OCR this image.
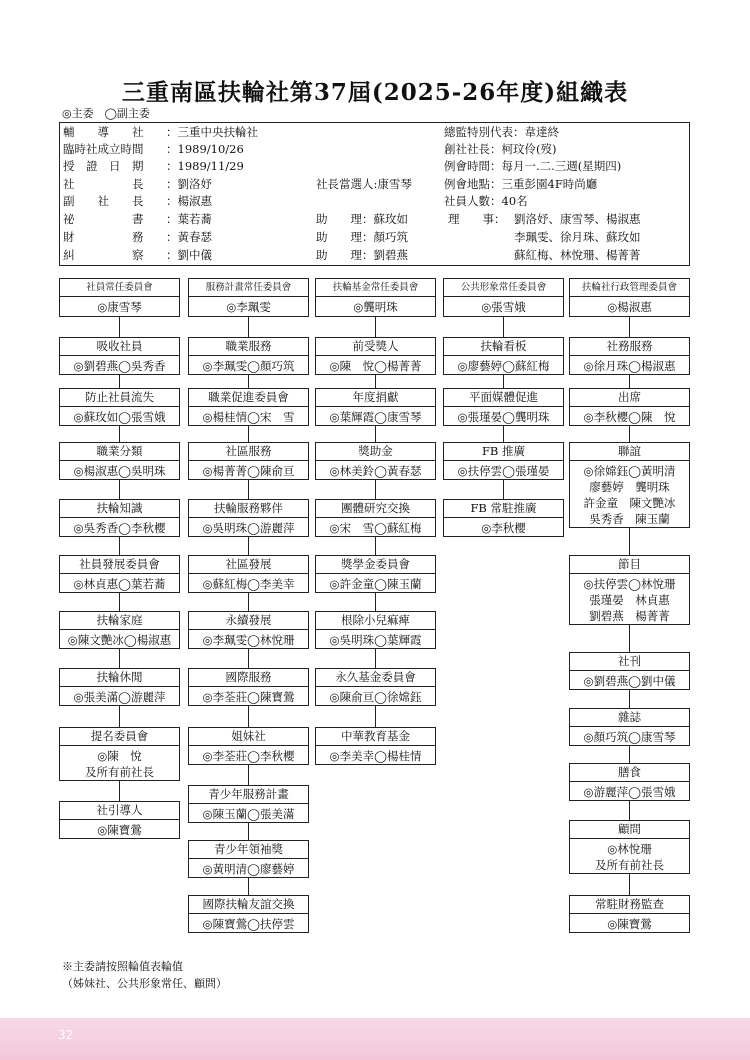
三重南區扶輪社第37屆(2025-26年度)組織表
◎主委　◯副主委
輔　　導　　社 ：三重中央扶輪社
臨時社成立時間 ：1989/10/26
授　證　日　期 ：1989/11/29
社　　　　　長 ：劉洛妤	社長當選人:康雪琴
副　　社　　長 ：楊淑惠
祕　　　　　書 ：葉若蕎	助　　理：蘇玫如
財　　　　　務 ：黃春瑟	助　　理：顏巧筑
糾　　　　　察 ：劉中儀	助　　理：劉碧燕
總監特別代表：韋達終
創社社長：柯玟伶(歿)
例會時間：每月一.二.三週(星期四)
例會地點：三重彭園4F時尚廳
社員人數：40名
理　　事： 劉洛妤、康雪琴、楊淑惠
李珮雯、徐月珠、蘇玫如
蘇紅梅、林悅珊、楊菁菁
社員常任委員會
◎康雪琴
吸收社員
◎劉碧燕◯吳秀香
防止社員流失
◎蘇玫如◯張雪娥
職業分類
◎楊淑惠◯吳明珠
扶輪知識
◎吳秀香◯李秋櫻
社員發展委員會
◎林貞惠◯葉若蕎
扶輪家庭
◎陳文艷冰◯楊淑惠
扶輪休閒
◎張美滿◯游麗萍
提名委員會
◎陳　悅
及所有前社長
社引導人
◎陳寶鶯
服務計畫常任委員會
◎李珮雯
職業服務
◎李珮雯◯顏巧筑
職業促進委員會
◎楊桂情◯宋　雪
社區服務
◎楊菁菁◯陳俞亘
扶輪服務夥伴
◎吳明珠◯游麗萍
社區發展
◎蘇紅梅◯李美幸
永續發展
◎李珮雯◯林悅珊
國際服務
◎李荃莊◯陳寶鶯
姐妹社
◎李荃莊◯李秋櫻
青少年服務計畫
◎陳玉蘭◯張美滿
青少年領袖獎
◎黃明清◯廖藝婷
國際扶輪友誼交換
◎陳寶鶯◯扶停雲
扶輪基金常任委員會
◎龔明珠
前受獎人
◎陳　悅◯楊菁菁
年度捐獻
◎葉輝霞◯康雪琴
獎助金
◎林美鈴◯黃春瑟
團體研究交換
◎宋　雪◯蘇紅梅
獎學金委員會
◎許金童◯陳玉蘭
根除小兒痲痺
◎吳明珠◯葉輝霞
永久基金委員會
◎陳俞亘◯徐嫦鈺
中華教育基金
◎李美幸◯楊桂情
公共形象常任委員會
◎張雪娥
扶輪看板
◎廖藝婷◯蘇紅梅
平面媒體促進
◎張瑾晏◯龔明珠
FB 推廣
◎扶停雲◯張瑾晏
FB 常駐推廣
◎李秋櫻
扶輪社行政管理委員會
◎楊淑惠
社務服務
◎徐月珠◯楊淑惠
出席
◎李秋櫻◯陳　悅
聯誼
◎徐嫦鈺◯黃明清
廖藝婷　龔明珠
許金童　陳文艷冰
吳秀香　陳玉蘭
節目
◎扶停雲◯林悅珊
張瑾晏　林貞惠
劉碧燕　楊菁菁
社刊
◎劉碧燕◯劉中儀
雜誌
◎顏巧筑◯康雪琴
膳食
◎游麗萍◯張雪娥
顧問
◎林悅珊
及所有前社長
常駐財務監查
◎陳寶鶯
※主委請按照輪值表輪值
（姊妹社、公共形象常任、顧問）
32
